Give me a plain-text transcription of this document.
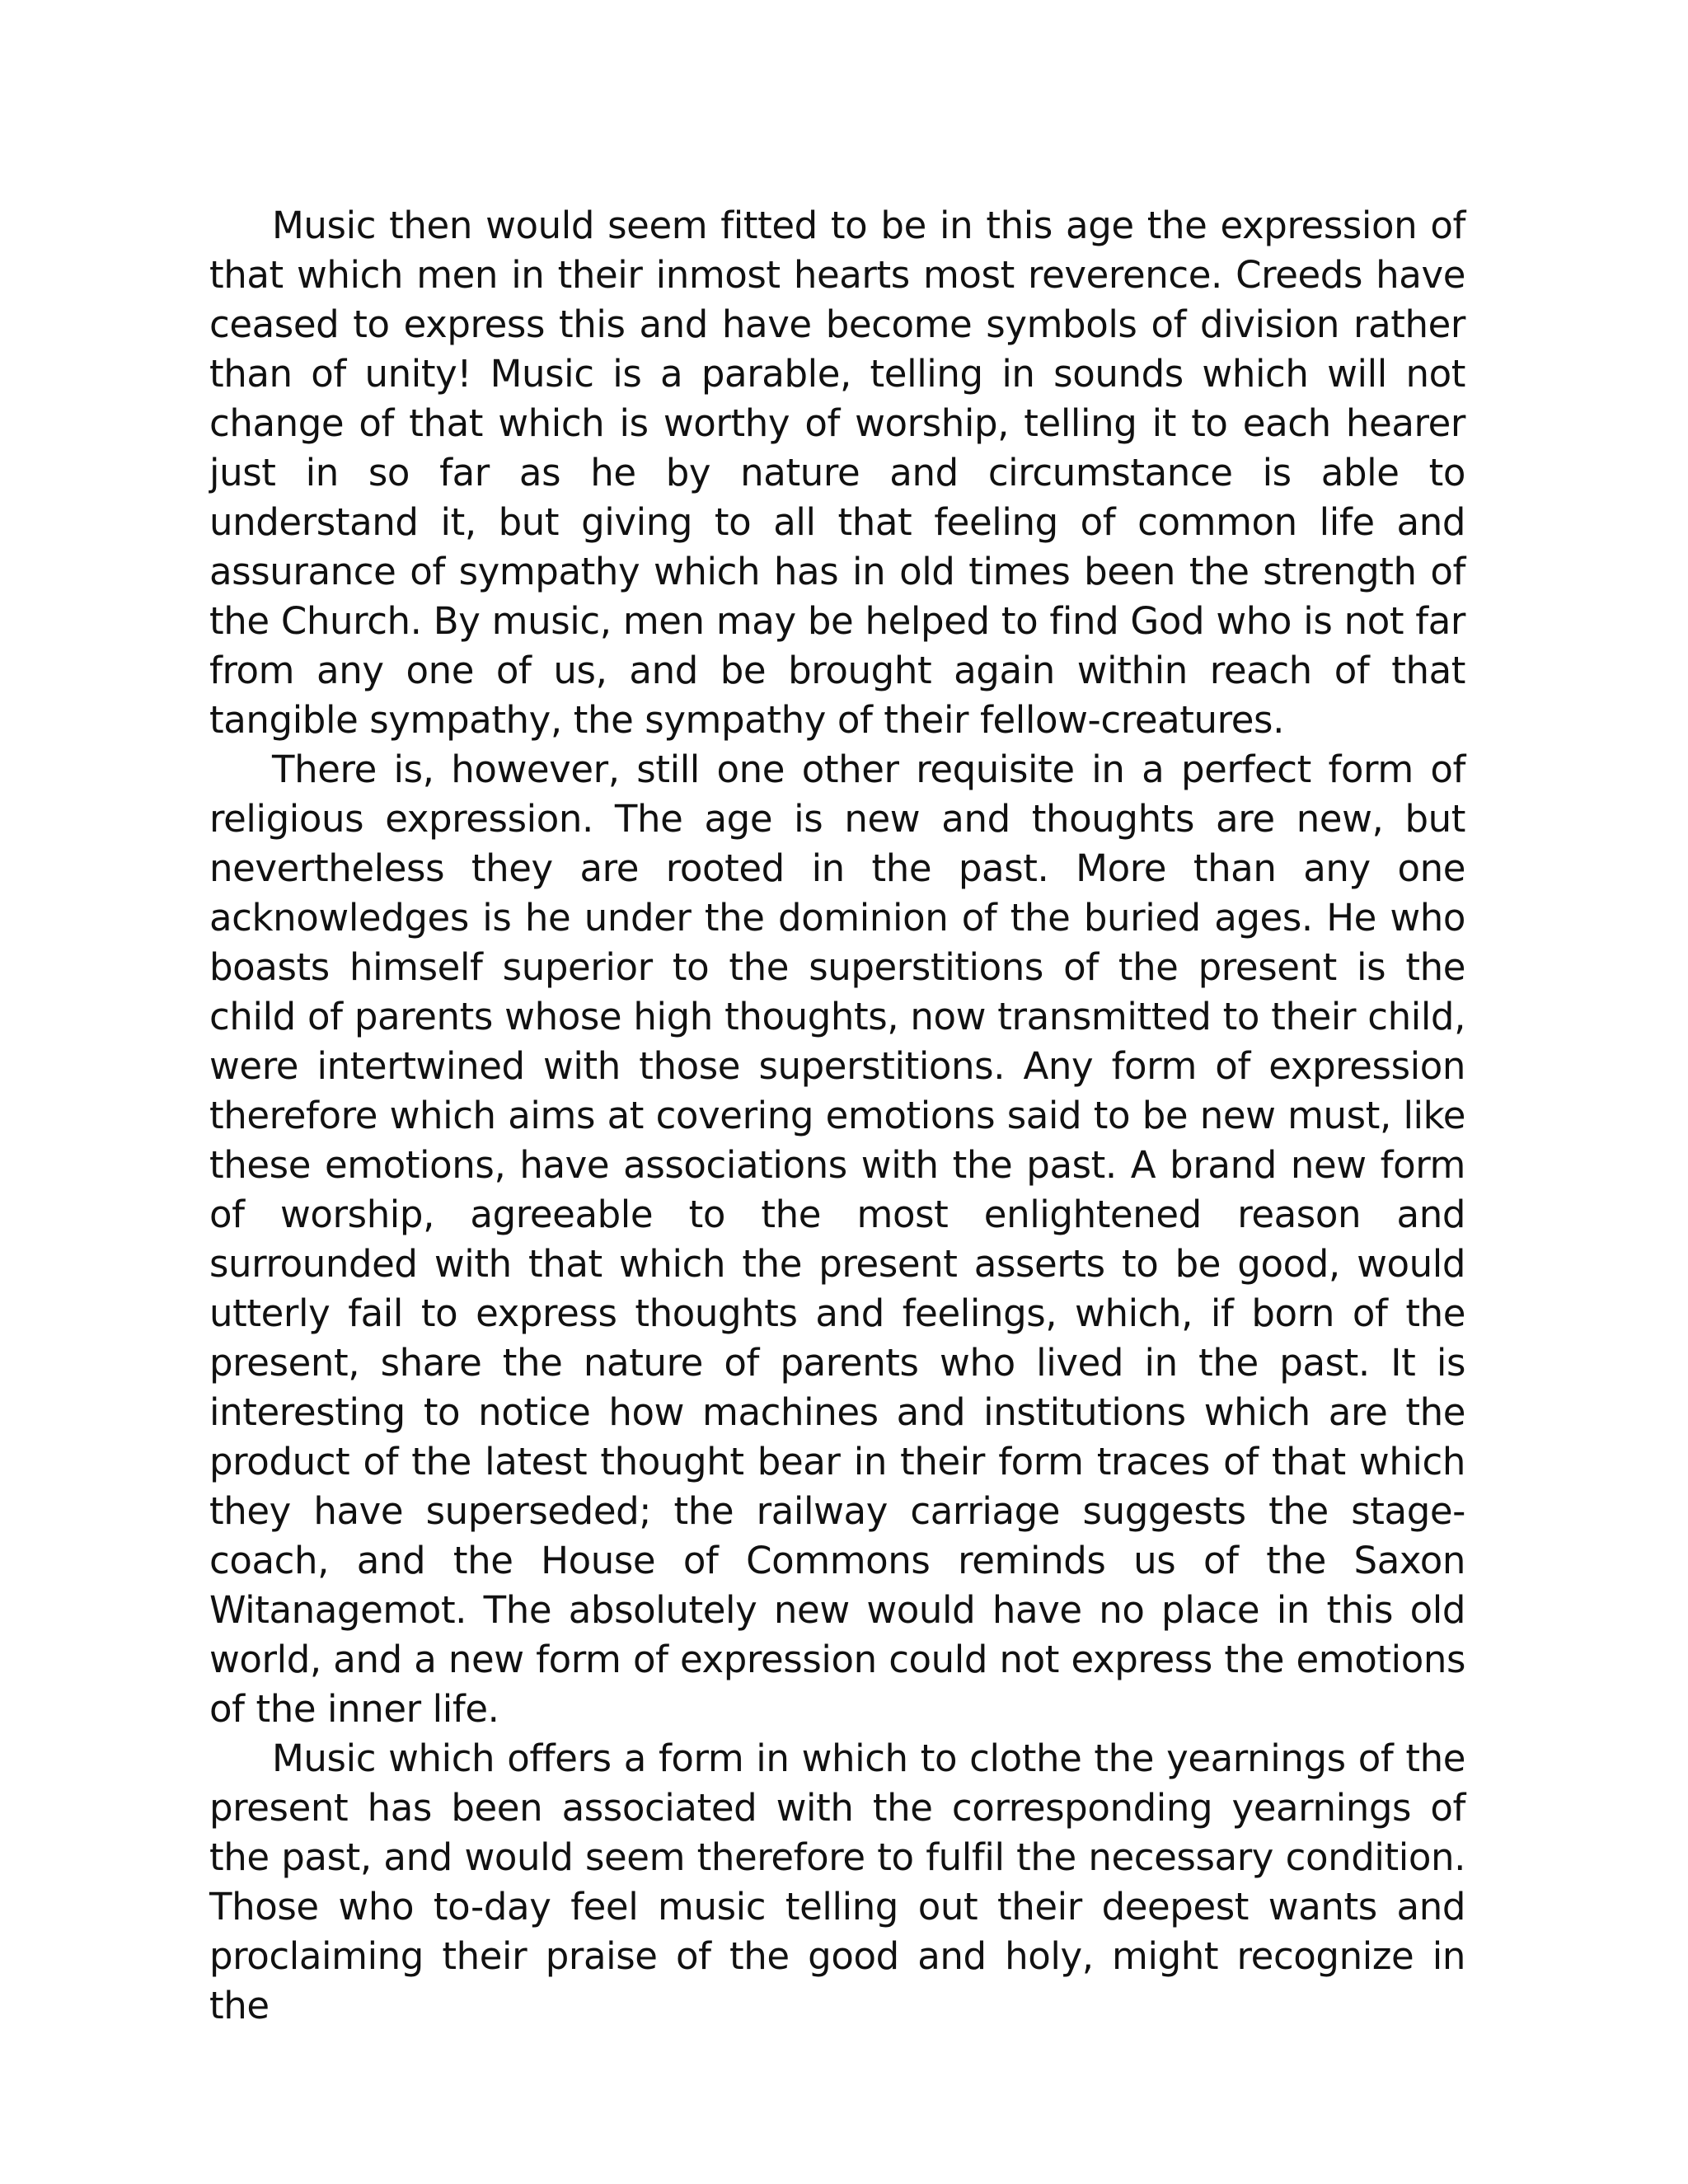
Music then would seem fitted to be in this age the expression of that which men in their inmost hearts most reverence. Creeds have ceased to express this and have become symbols of division rather than of unity! Music is a parable, telling in sounds which will not change of that which is worthy of worship, telling it to each hearer just in so far as he by nature and circumstance is able to understand it, but giving to all that feeling of common life and assurance of sympathy which has in old times been the strength of the Church. By music, men may be helped to find God who is not far from any one of us, and be brought again within reach of that tangible sympathy, the sympathy of their fellow-creatures.

There is, however, still one other requisite in a perfect form of religious expression. The age is new and thoughts are new, but nevertheless they are rooted in the past. More than any one acknowledges is he under the dominion of the buried ages. He who boasts himself superior to the superstitions of the present is the child of parents whose high thoughts, now transmitted to their child, were intertwined with those superstitions. Any form of expression therefore which aims at covering emotions said to be new must, like these emotions, have associations with the past. A brand new form of worship, agreeable to the most enlightened reason and surrounded with that which the present asserts to be good, would utterly fail to express thoughts and feelings, which, if born of the present, share the nature of parents who lived in the past. It is interesting to notice how machines and institutions which are the product of the latest thought bear in their form traces of that which they have superseded; the railway carriage suggests the stage-coach, and the House of Commons reminds us of the Saxon Witanagemot. The absolutely new would have no place in this old world, and a new form of expression could not express the emotions of the inner life.

Music which offers a form in which to clothe the yearnings of the present has been associated with the corresponding yearnings of the past, and would seem therefore to fulfil the necessary condition. Those who to-day feel music telling out their deepest wants and proclaiming their praise of the good and holy, might recognize in the
